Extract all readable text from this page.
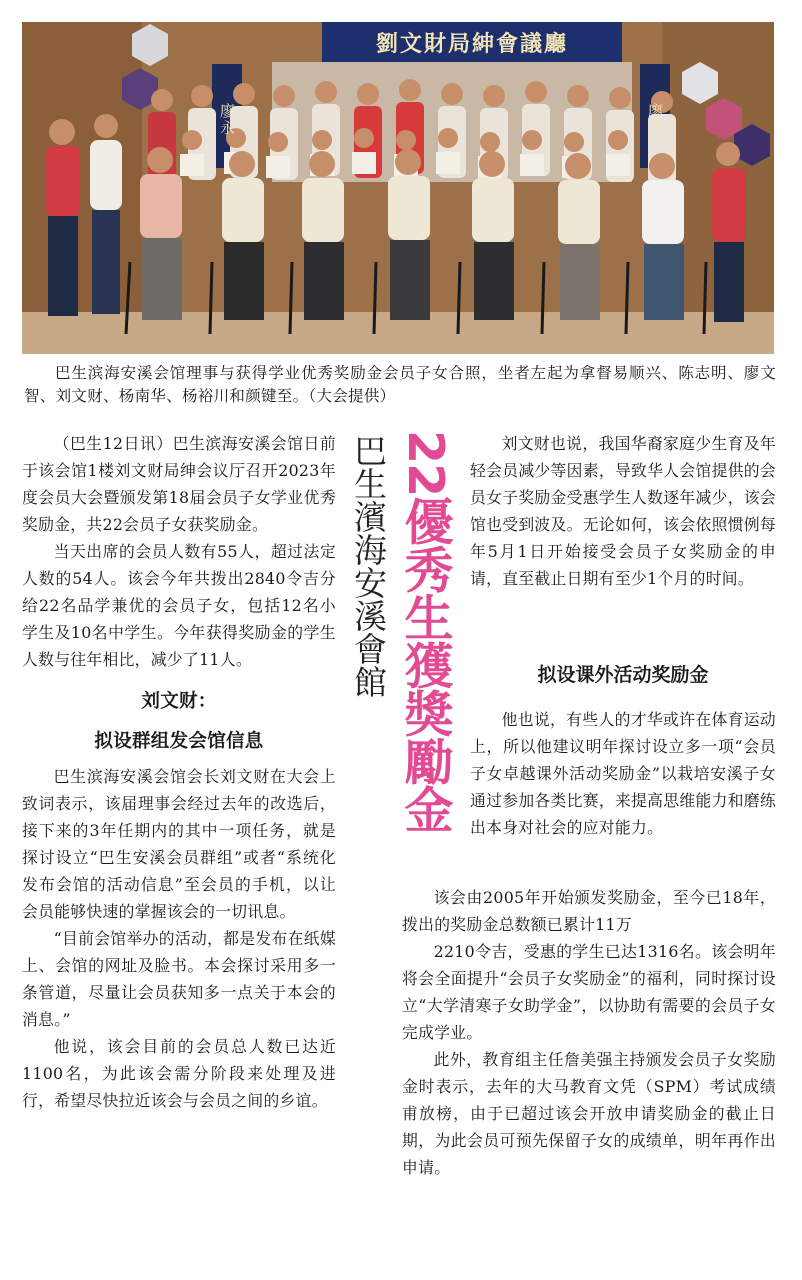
劉文財局紳會議廳
廖永	廖文
巴生滨海安溪会馆理事与获得学业优秀奖励金会员子女合照，坐者左起为拿督易顺兴、陈志明、廖文智、刘文财、杨南华、杨裕川和颜键至。（大会提供）

（巴生12日讯）巴生滨海安溪会馆日前于该会馆1楼刘文财局绅会议厅召开2023年度会员大会暨颁发第18届会员子女学业优秀奖励金，共22会员子女获奖励金。

当天出席的会员人数有55人，超过法定人数的54人。该会今年共拨出2840令吉分给22名品学兼优的会员子女，包括12名小学生及10名中学生。今年获得奖励金的学生人数与往年相比，减少了11人。

刘文财：
拟设群组发会馆信息

巴生滨海安溪会馆会长刘文财在大会上致词表示，该届理事会经过去年的改选后，接下来的3年任期内的其中一项任务，就是探讨设立“巴生安溪会员群组”或者“系统化发布会馆的活动信息”至会员的手机，以让会员能够快速的掌握该会的一切讯息。

“目前会馆举办的活动，都是发布在纸媒上、会馆的网址及脸书。本会探讨采用多一条管道，尽量让会员获知多一点关于本会的消息。”

他说，该会目前的会员总人数已达近1100名，为此该会需分阶段来处理及进行，希望尽快拉近该会与会员之间的乡谊。

巴生濱海安溪會館 22優秀生獲獎勵金	刘文财也说，我国华裔家庭少生育及年轻会员减少等因素，导致华人会馆提供的会员女子奖励金受惠学生人数逐年减少，该会馆也受到波及。无论如何，该会依照惯例每年5月1日开始接受会员子女奖励金的申请，直至截止日期有至少1个月的时间。

拟设课外活动奖励金

他也说，有些人的才华或许在体育运动上，所以他建议明年探讨设立多一项“会员子女卓越课外活动奖励金”以栽培安溪子女通过参加各类比赛，来提高思维能力和磨练出本身对社会的应对能力。

该会由2005年开始颁发奖励金，至今已18年，拨出的奖励金总数额已累计11万

2210令吉，受惠的学生已达1316名。该会明年将会全面提升“会员子女奖励金”的福利，同时探讨设立“大学清寒子女助学金”，以协助有需要的会员子女完成学业。

此外，教育组主任詹美强主持颁发会员子女奖励金时表示，去年的大马教育文凭（SPM）考试成绩甫放榜，由于已超过该会开放申请奖励金的截止日期，为此会员可预先保留子女的成绩单，明年再作出申请。
